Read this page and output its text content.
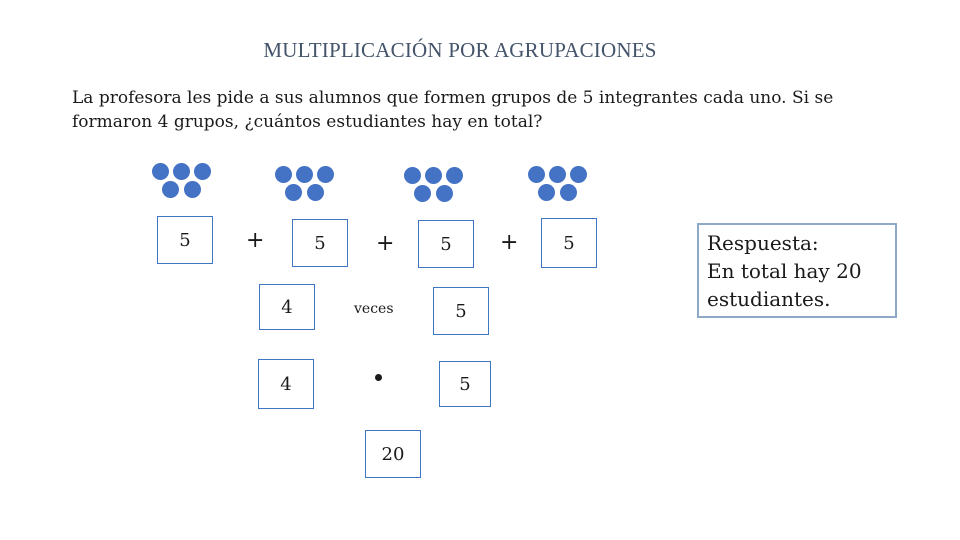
MULTIPLICACIÓN POR AGRUPACIONES
La profesora les pide a sus alumnos que formen grupos de 5 integrantes cada uno. Si se
formaron 4 grupos, ¿cuántos estudiantes hay en total?
5	+	5	+	5	+	5
4	veces	5
4	5
20
Respuesta:
En total hay 20
estudiantes.
